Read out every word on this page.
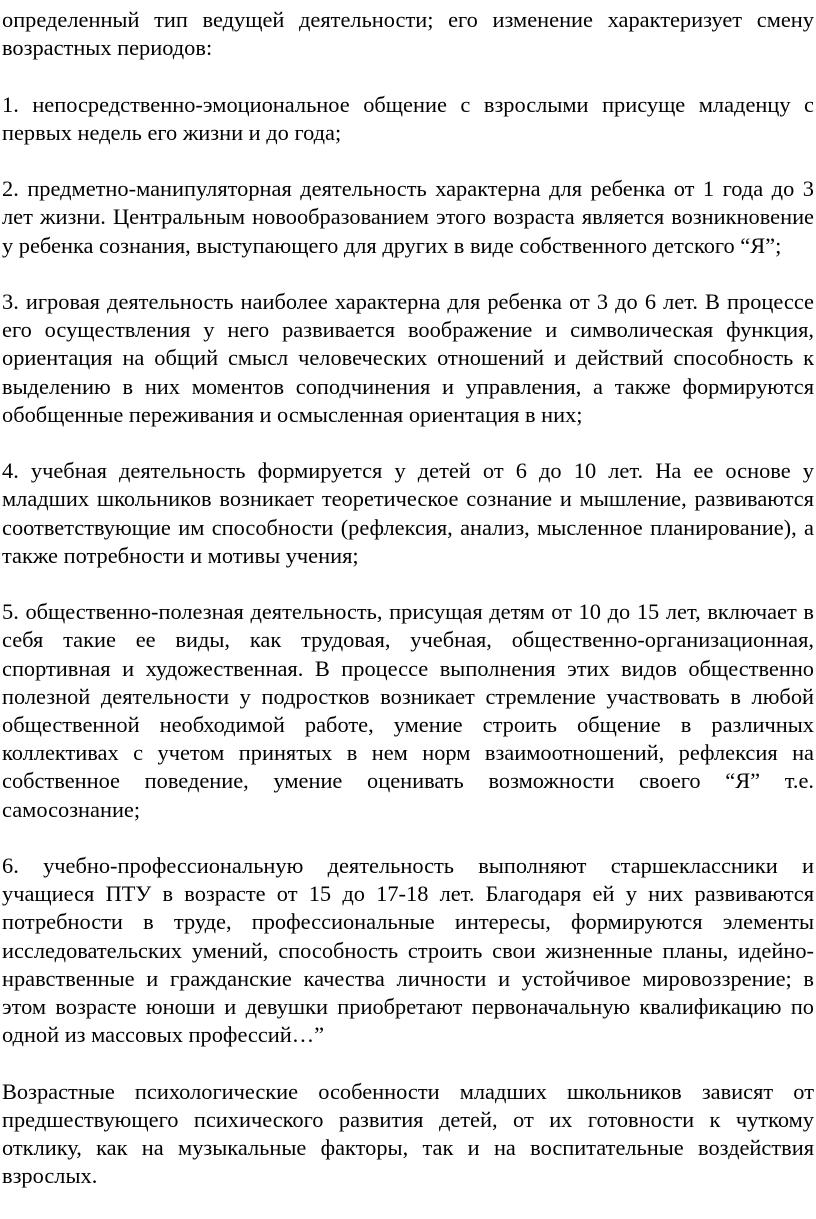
определенный тип ведущей деятельности; его изменение характеризует смену возрастных периодов:

1. непосредственно-эмоциональное общение с взрослыми присуще младенцу с первых недель его жизни и до года;

2. предметно-манипуляторная деятельность характерна для ребенка от 1 года до 3 лет жизни. Центральным новообразованием этого возраста является возникновение у ребенка сознания, выступающего для других в виде собственного детского “Я”;

3. игровая деятельность наиболее характерна для ребенка от 3 до 6 лет. В процессе его осуществления у него развивается воображение и символическая функция, ориентация на общий смысл человеческих отношений и действий способность к выделению в них моментов соподчинения и управления, а также формируются обобщенные переживания и осмысленная ориентация в них;

4. учебная деятельность формируется у детей от 6 до 10 лет. На ее основе у младших школьников возникает теоретическое сознание и мышление, развиваются соответствующие им способности (рефлексия, анализ, мысленное планирование), а также потребности и мотивы учения;

5. общественно-полезная деятельность, присущая детям от 10 до 15 лет, включает в себя такие ее виды, как трудовая, учебная, общественно-организационная, спортивная и художественная. В процессе выполнения этих видов общественно полезной деятельности у подростков возникает стремление участвовать в любой общественной необходимой работе, умение строить общение в различных коллективах с учетом принятых в нем норм взаимоотношений, рефлексия на собственное поведение, умение оценивать возможности своего “Я” т.е. самосознание;

6. учебно-профессиональную деятельность выполняют старшеклассники и учащиеся ПТУ в возрасте от 15 до 17-18 лет. Благодаря ей у них развиваются потребности в труде, профессиональные интересы, формируются элементы исследовательских умений, способность строить свои жизненные планы, идейно-нравственные и гражданские качества личности и устойчивое мировоззрение; в этом возрасте юноши и девушки приобретают первоначальную квалификацию по одной из массовых профессий…”

Возрастные психологические особенности младших школьников зависят от предшествующего психического развития детей, от их готовности к чуткому отклику, как на музыкальные факторы, так и на воспитательные воздействия взрослых.
